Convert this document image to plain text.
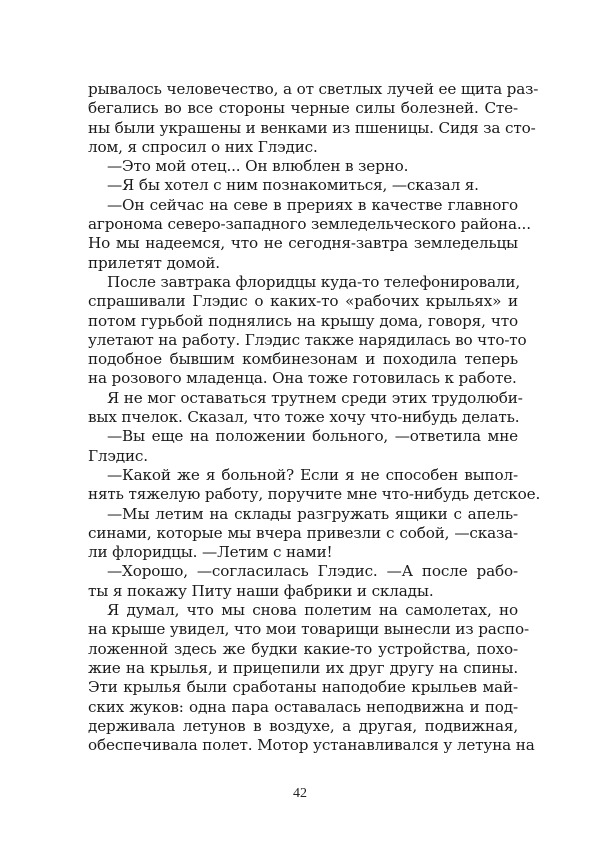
рывалось человечество, а от светлых лучей ее щита раз-
бегались во все стороны черные силы болезней. Сте-
ны были украшены и венками из пшеницы. Сидя за сто-
лом, я спросил о них Глэдис.
—Это мой отец... Он влюблен в зерно.
—Я бы хотел с ним познакомиться, —сказал я.
—Он сейчас на севе в прериях в качестве главного
агронома северо-западного земледельческого района...
Но мы надеемся, что не сегодня-завтра земледельцы
прилетят домой.
После завтрака флоридцы куда-то телефонировали,
спрашивали Глэдис о каких-то «рабочих крыльях» и
потом гурьбой поднялись на крышу дома, говоря, что
улетают на работу. Глэдис также нарядилась во что-то
подобное бывшим комбинезонам и походила теперь
на розового младенца. Она тоже готовилась к работе.
Я не мог оставаться трутнем среди этих трудолюби-
вых пчелок. Сказал, что тоже хочу что-нибудь делать.
—Вы еще на положении больного, —ответила мне
Глэдис.
—Какой же я больной? Если я не способен выпол-
нять тяжелую работу, поручите мне что-нибудь детское.
—Мы летим на склады разгружать ящики с апель-
синами, которые мы вчера привезли с собой, —сказа-
ли флоридцы. —Летим с нами!
—Хорошо, —согласилась Глэдис. —А после рабо-
ты я покажу Питу наши фабрики и склады.
Я думал, что мы снова полетим на самолетах, но
на крыше увидел, что мои товарищи вынесли из распо-
ложенной здесь же будки какие-то устройства, похо-
жие на крылья, и прицепили их друг другу на спины.
Эти крылья были сработаны наподобие крыльев май-
ских жуков: одна пара оставалась неподвижна и под-
держивала летунов в воздухе, а другая, подвижная,
обеспечивала полет. Мотор устанавливался у летуна на
42
